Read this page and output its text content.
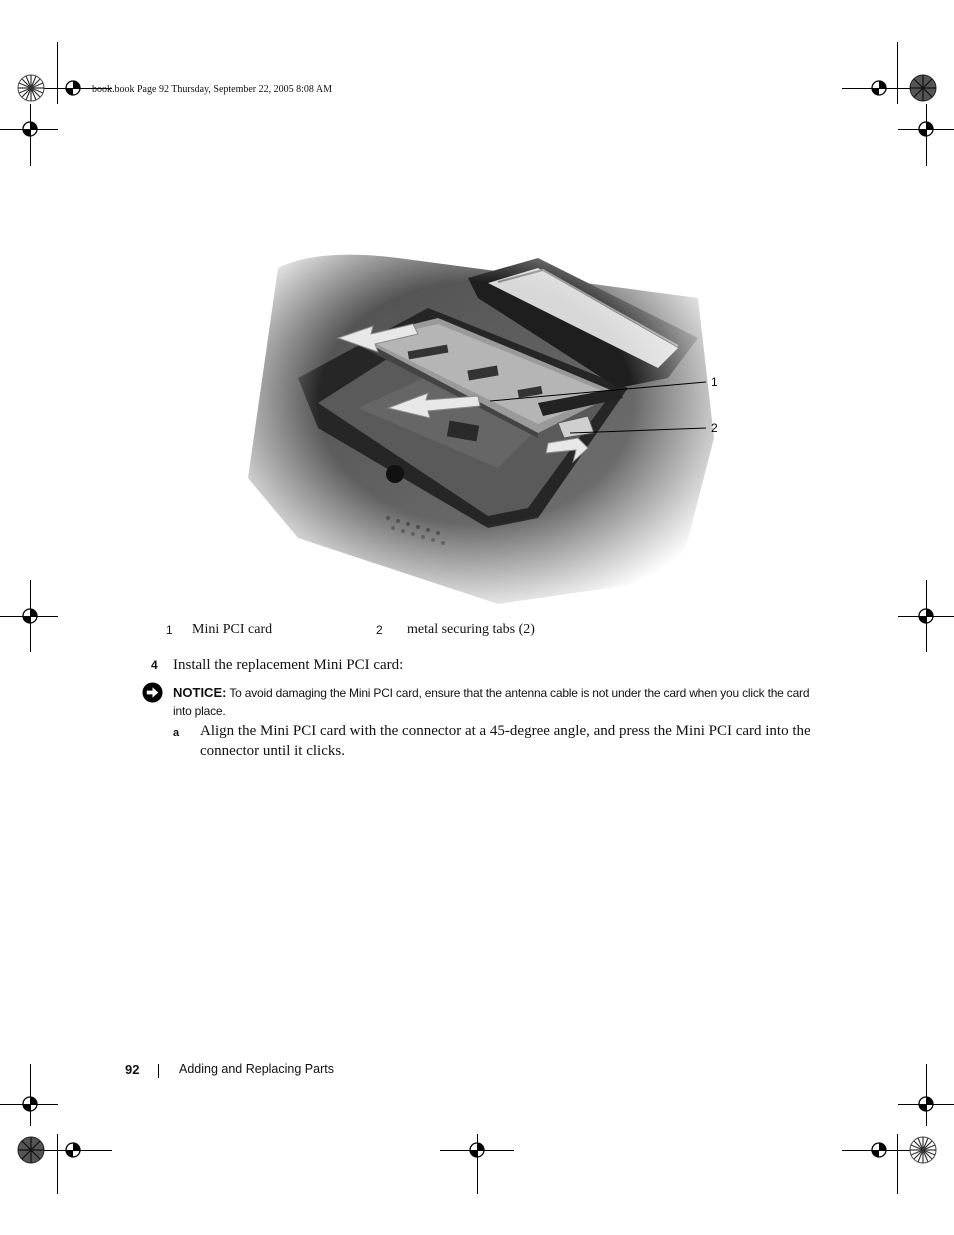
book.book Page 92 Thursday, September 22, 2005 8:08 AM
1
2
1 Mini PCI card	2 metal securing tabs (2)
4 Install the replacement Mini PCI card:
NOTICE: To avoid damaging the Mini PCI card, ensure that the antenna cable is not under the card when you click the card into place.
a Align the Mini PCI card with the connector at a 45-degree angle, and press the Mini PCI card into the connector until it clicks.
92	Adding and Replacing Parts
